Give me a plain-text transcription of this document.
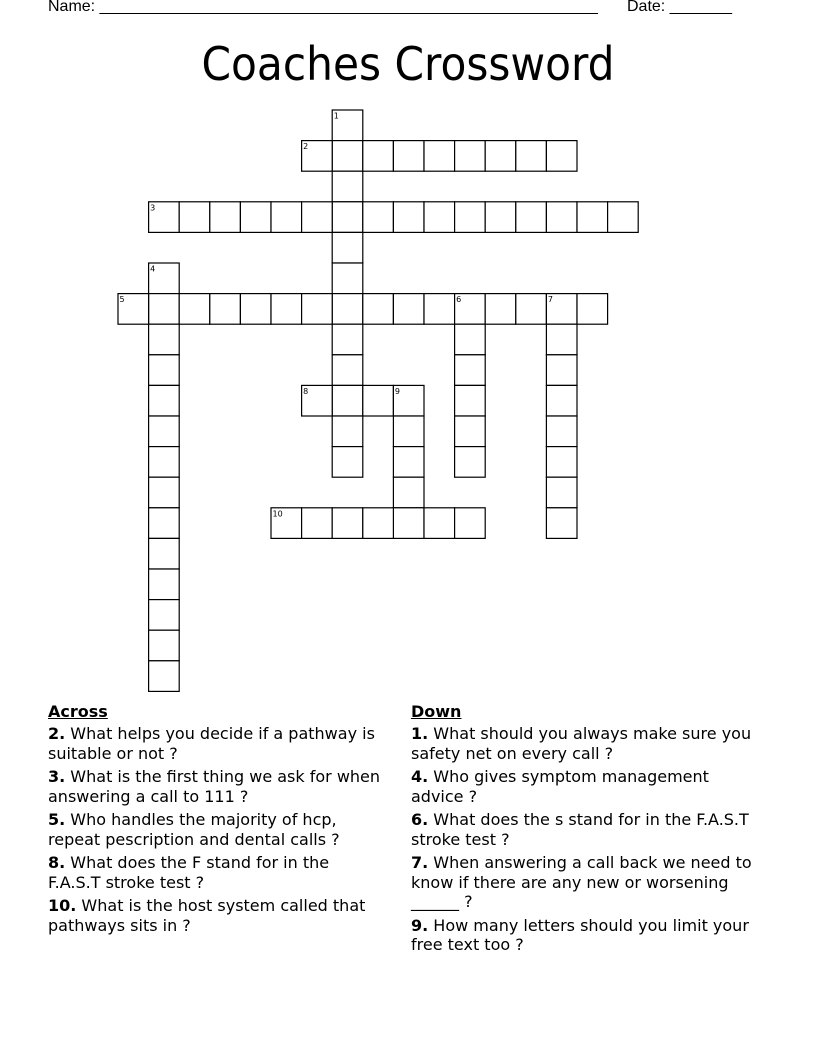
Name: ________________________________________________________ Date: _______
Coaches Crossword
1
2
3
4
5	6	7
8	9
10
Across
2. What helps you decide if a pathway is suitable or not ?
3. What is the first thing we ask for when answering a call to 111 ?
5. Who handles the majority of hcp, repeat pescription and dental calls ?
8. What does the F stand for in the F.A.S.T stroke test ?
10. What is the host system called that pathways sits in ?
Down
1. What should you always make sure you safety net on every call ?
4. Who gives symptom management advice ?
6. What does the s stand for in the F.A.S.T stroke test ?
7. When answering a call back we need to know if there are any new or worsening ______ ?
9. How many letters should you limit your free text too ?
